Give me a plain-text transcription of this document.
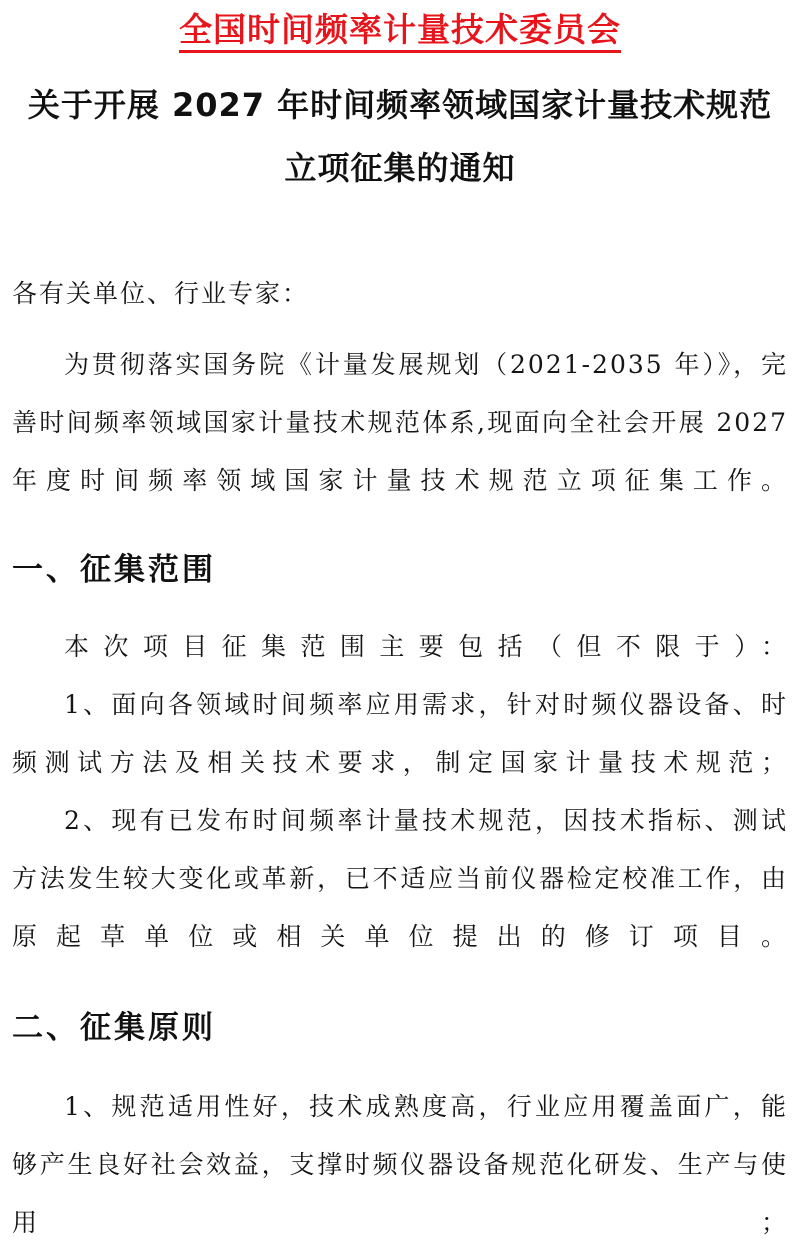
全国时间频率计量技术委员会
关于开展 2027 年时间频率领域国家计量技术规范
立项征集的通知
各有关单位、行业专家：
为贯彻落实国务院《计量发展规划（2021-2035 年）》，完
善时间频率领域国家计量技术规范体系,现面向全社会开展 2027
年度时间频率领域国家计量技术规范立项征集工作。
一、征集范围
本次项目征集范围主要包括（但不限于）：
1、面向各领域时间频率应用需求，针对时频仪器设备、时
频测试方法及相关技术要求，制定国家计量技术规范；
2、现有已发布时间频率计量技术规范，因技术指标、测试
方法发生较大变化或革新，已不适应当前仪器检定校准工作，由
原起草单位或相关单位提出的修订项目。
二、征集原则
1、规范适用性好，技术成熟度高，行业应用覆盖面广，能
够产生良好社会效益，支撑时频仪器设备规范化研发、生产与使
用；
